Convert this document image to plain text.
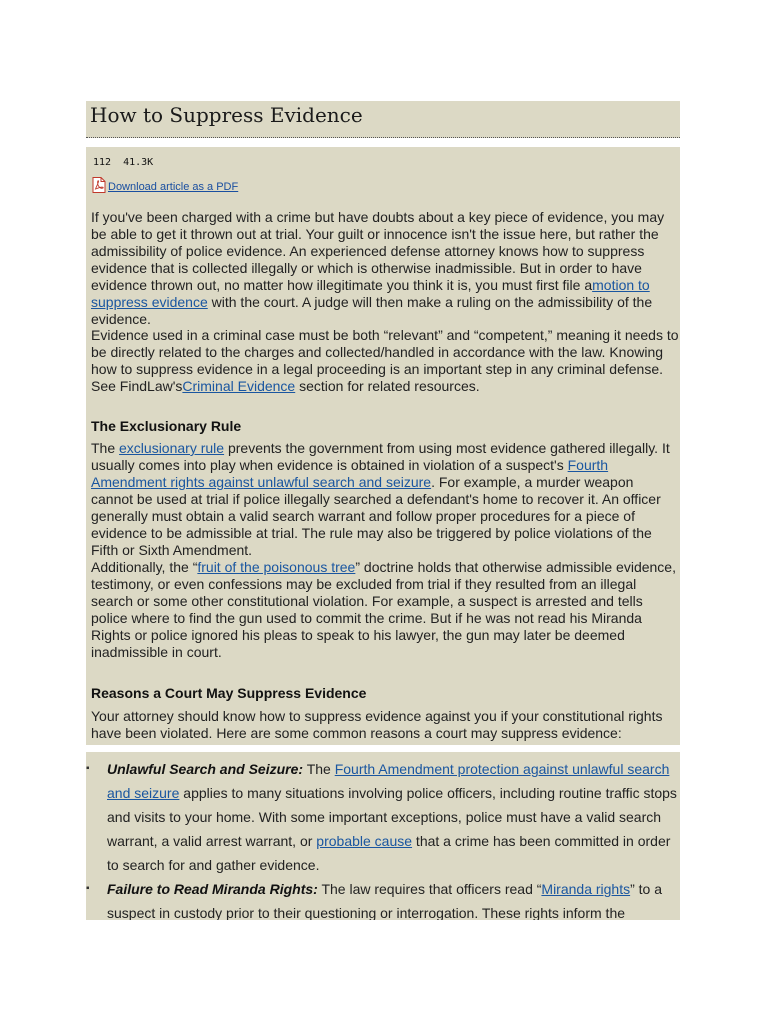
How to Suppress Evidence
112 41.3K
Download article as a PDF
If you've been charged with a crime but have doubts about a key piece of evidence, you may be able to get it thrown out at trial. Your guilt or innocence isn't the issue here, but rather the admissibility of police evidence. An experienced defense attorney knows how to suppress evidence that is collected illegally or which is otherwise inadmissible. But in order to have evidence thrown out, no matter how illegitimate you think it is, you must first file amotion to suppress evidence with the court. A judge will then make a ruling on the admissibility of the evidence.
Evidence used in a criminal case must be both “relevant” and “competent,” meaning it needs to be directly related to the charges and collected/handled in accordance with the law. Knowing how to suppress evidence in a legal proceeding is an important step in any criminal defense. See FindLaw'sCriminal Evidence section for related resources.
The Exclusionary Rule
The exclusionary rule prevents the government from using most evidence gathered illegally. It usually comes into play when evidence is obtained in violation of a suspect's Fourth Amendment rights against unlawful search and seizure. For example, a murder weapon cannot be used at trial if police illegally searched a defendant's home to recover it. An officer generally must obtain a valid search warrant and follow proper procedures for a piece of evidence to be admissible at trial. The rule may also be triggered by police violations of the Fifth or Sixth Amendment.
Additionally, the “fruit of the poisonous tree” doctrine holds that otherwise admissible evidence, testimony, or even confessions may be excluded from trial if they resulted from an illegal search or some other constitutional violation. For example, a suspect is arrested and tells police where to find the gun used to commit the crime. But if he was not read his Miranda Rights or police ignored his pleas to speak to his lawyer, the gun may later be deemed inadmissible in court.
Reasons a Court May Suppress Evidence
Your attorney should know how to suppress evidence against you if your constitutional rights have been violated. Here are some common reasons a court may suppress evidence:
▪ Unlawful Search and Seizure: The Fourth Amendment protection against unlawful search and seizure applies to many situations involving police officers, including routine traffic stops and visits to your home. With some important exceptions, police must have a valid search warrant, a valid arrest warrant, or probable cause that a crime has been committed in order to search for and gather evidence.
▪ Failure to Read Miranda Rights: The law requires that officers read “Miranda rights” to a suspect in custody prior to their questioning or interrogation. These rights inform the
